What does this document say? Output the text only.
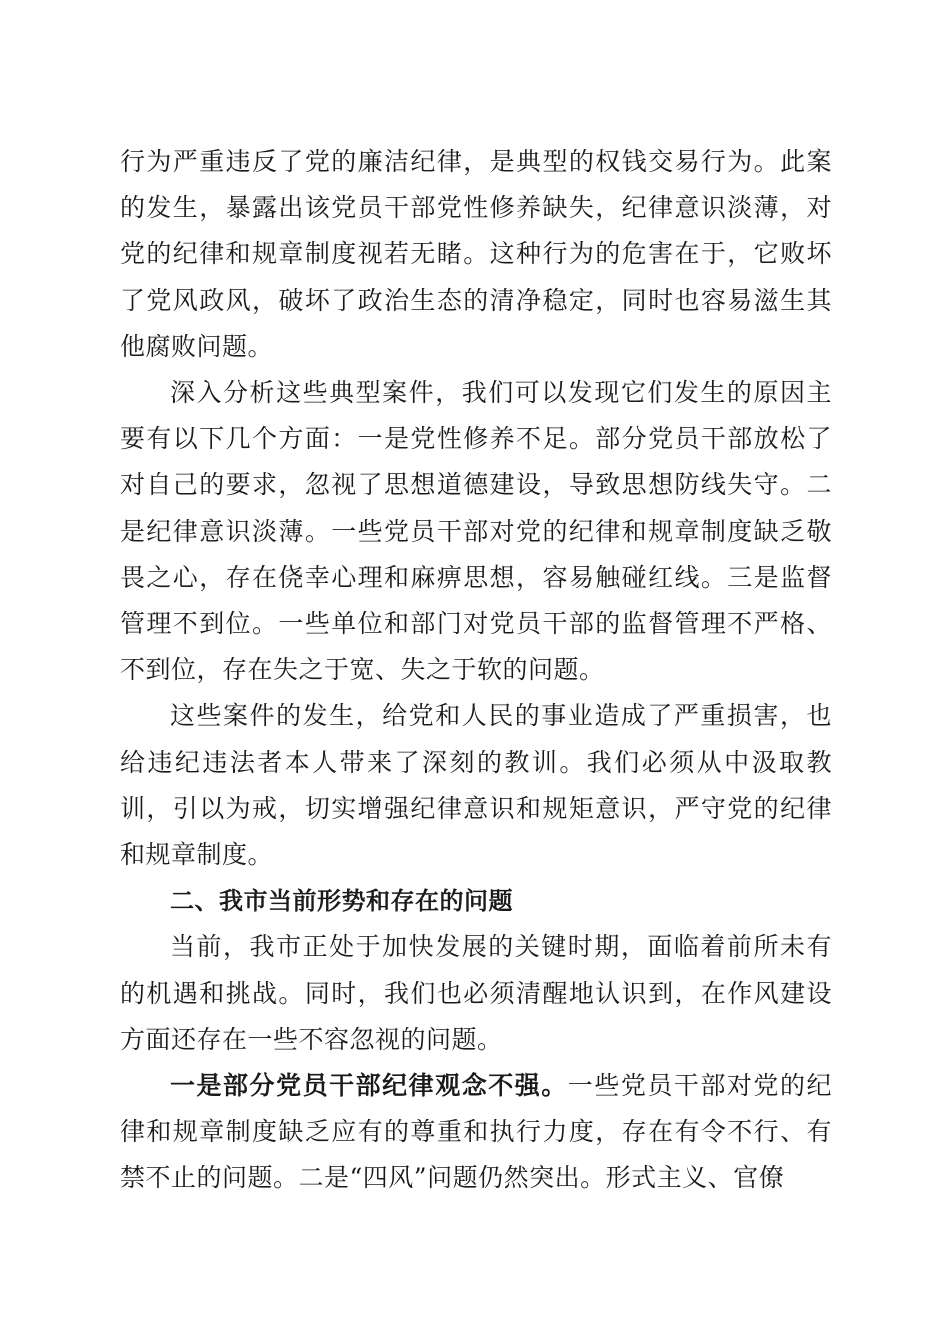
行为严重违反了党的廉洁纪律，是典型的权钱交易行为。此案的发生，暴露出该党员干部党性修养缺失，纪律意识淡薄，对党的纪律和规章制度视若无睹。这种行为的危害在于，它败坏了党风政风，破坏了政治生态的清净稳定，同时也容易滋生其他腐败问题。

深入分析这些典型案件，我们可以发现它们发生的原因主要有以下几个方面：一是党性修养不足。部分党员干部放松了对自己的要求，忽视了思想道德建设，导致思想防线失守。二是纪律意识淡薄。一些党员干部对党的纪律和规章制度缺乏敬畏之心，存在侥幸心理和麻痹思想，容易触碰红线。三是监督管理不到位。一些单位和部门对党员干部的监督管理不严格、不到位，存在失之于宽、失之于软的问题。

这些案件的发生，给党和人民的事业造成了严重损害，也给违纪违法者本人带来了深刻的教训。我们必须从中汲取教训，引以为戒，切实增强纪律意识和规矩意识，严守党的纪律和规章制度。

二、我市当前形势和存在的问题

当前，我市正处于加快发展的关键时期，面临着前所未有的机遇和挑战。同时，我们也必须清醒地认识到，在作风建设方面还存在一些不容忽视的问题。

一是部分党员干部纪律观念不强。一些党员干部对党的纪律和规章制度缺乏应有的尊重和执行力度，存在有令不行、有禁不止的问题。二是“四风”问题仍然突出。形式主义、官僚
